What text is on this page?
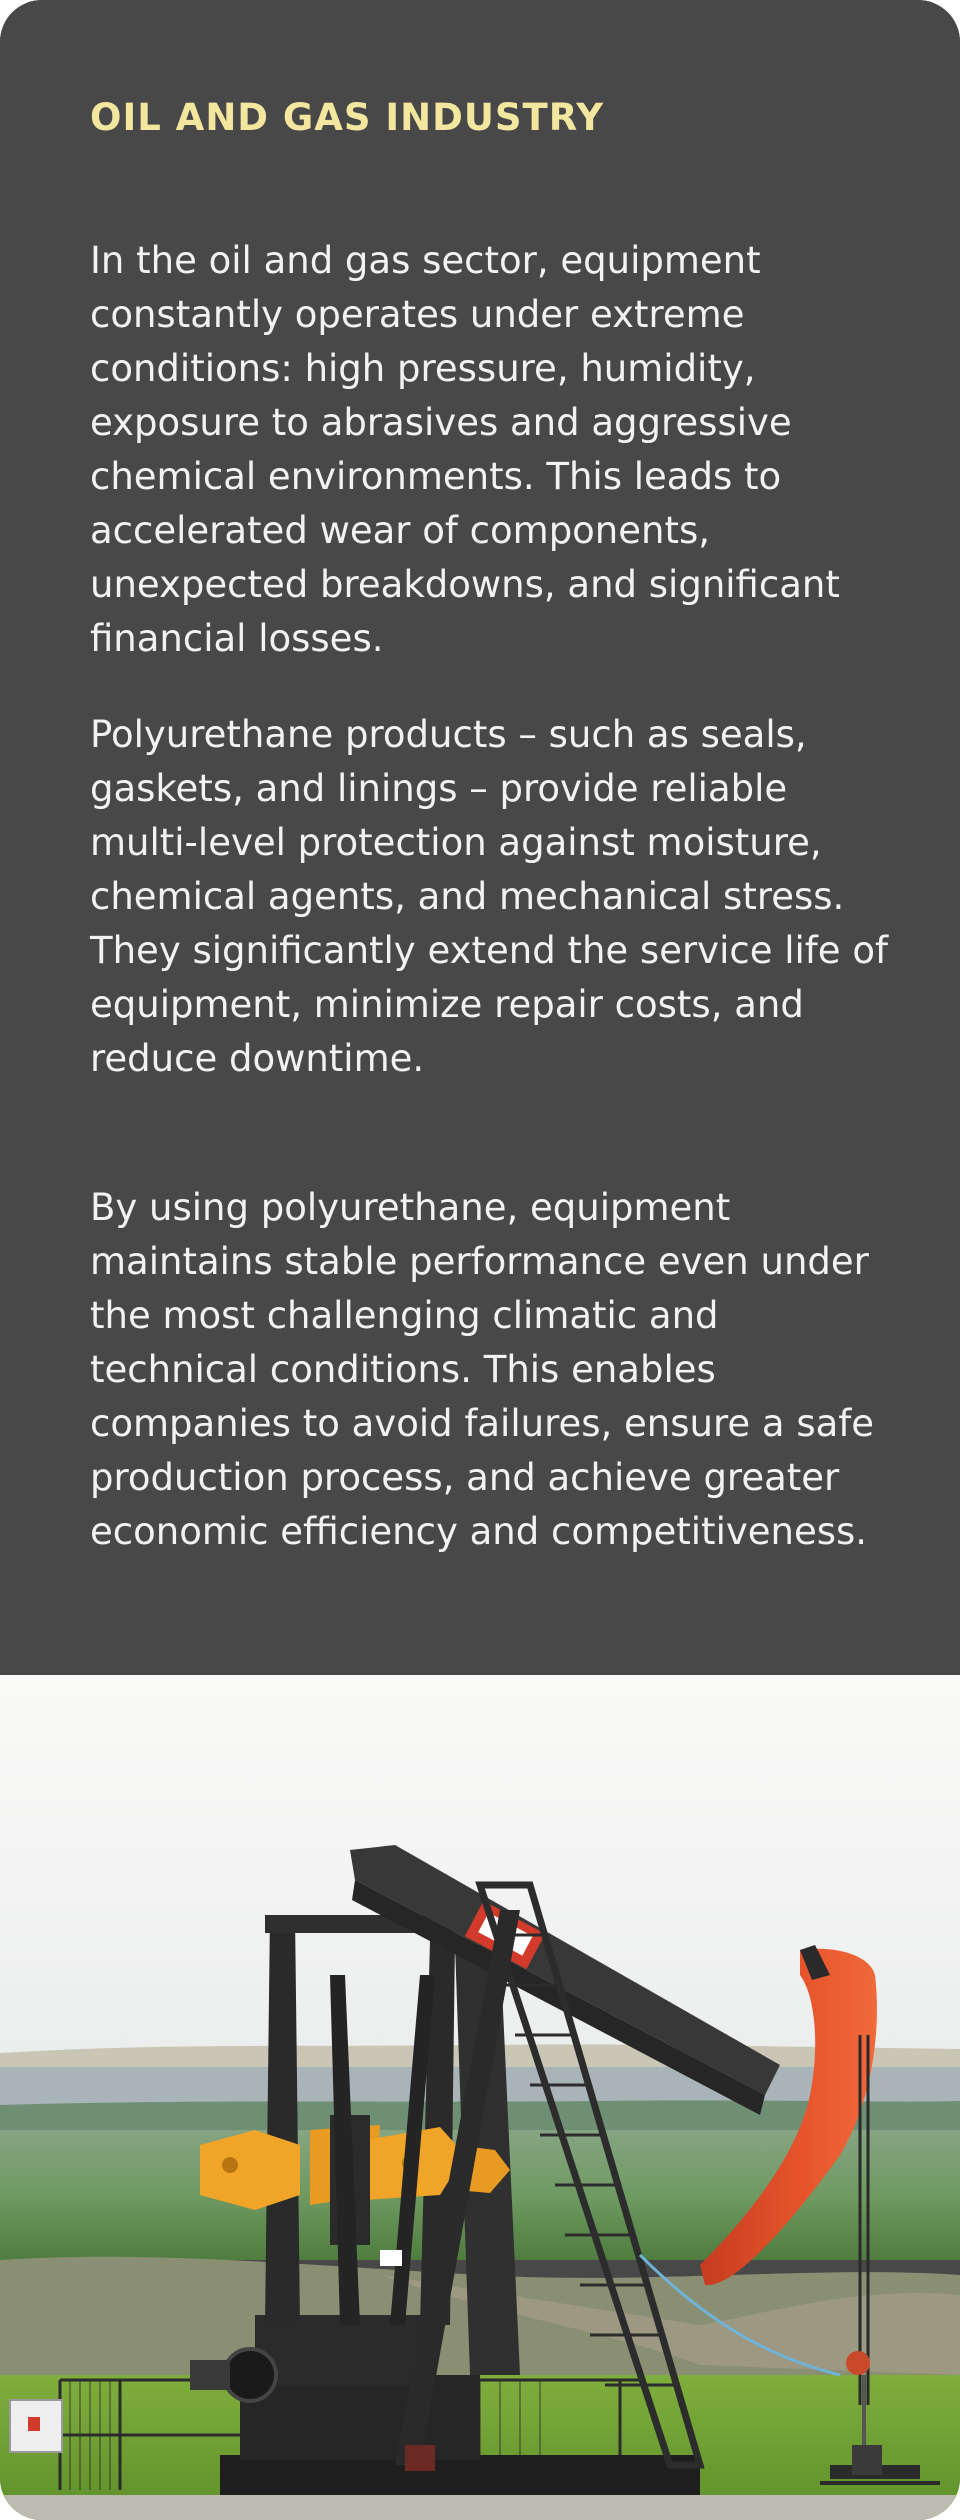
OIL AND GAS INDUSTRY

In the oil and gas sector, equipment constantly operates under extreme conditions: high pressure, humidity, exposure to abrasives and aggressive chemical environments. This leads to accelerated wear of components, unexpected breakdowns, and significant financial losses.

Polyurethane products – such as seals, gaskets, and linings – provide reliable multi-level protection against moisture, chemical agents, and mechanical stress. They significantly extend the service life of equipment, minimize repair costs, and reduce downtime.

By using polyurethane, equipment maintains stable performance even under the most challenging climatic and technical conditions. This enables companies to avoid failures, ensure a safe production process, and achieve greater economic efficiency and competitiveness.
